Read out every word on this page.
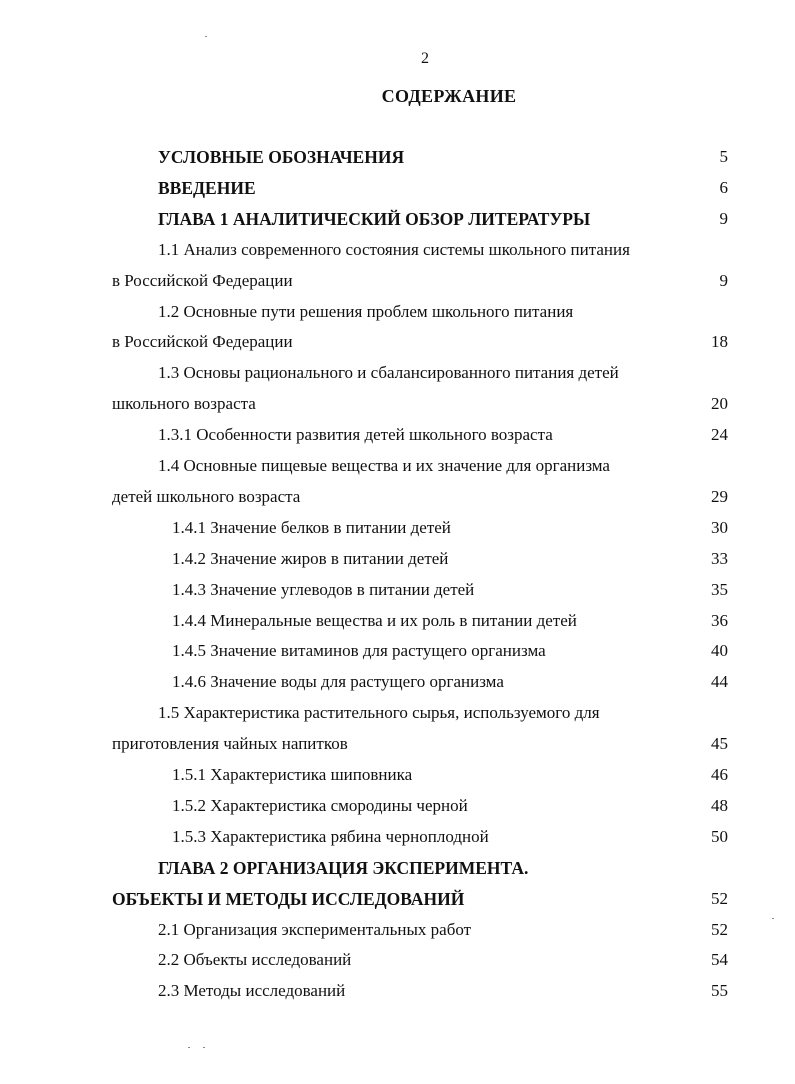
2
СОДЕРЖАНИЕ
УСЛОВНЫЕ ОБОЗНАЧЕНИЯ	5
ВВЕДЕНИЕ	6
ГЛАВА 1 АНАЛИТИЧЕСКИЙ ОБЗОР ЛИТЕРАТУРЫ	9
1.1 Анализ современного состояния системы школьного питания
в Российской Федерации	9
1.2 Основные пути решения проблем школьного питания
в Российской Федерации	18
1.3 Основы рационального и сбалансированного питания детей
школьного возраста	20
1.3.1 Особенности развития детей школьного возраста	24
1.4 Основные пищевые вещества и их значение для организма
детей школьного возраста	29
1.4.1 Значение белков в питании детей	30
1.4.2 Значение жиров в питании детей	33
1.4.3 Значение углеводов в питании детей	35
1.4.4 Минеральные вещества и их роль в питании детей	36
1.4.5 Значение витаминов для растущего организма	40
1.4.6 Значение воды для растущего организма	44
1.5 Характеристика растительного сырья, используемого для
приготовления чайных напитков	45
1.5.1 Характеристика шиповника	46
1.5.2 Характеристика смородины черной	48
1.5.3 Характеристика рябина черноплодной	50
ГЛАВА 2 ОРГАНИЗАЦИЯ ЭКСПЕРИМЕНТА.
ОБЪЕКТЫ И МЕТОДЫ ИССЛЕДОВАНИЙ	52
2.1 Организация экспериментальных работ	52
2.2 Объекты исследований	54
2.3 Методы исследований	55
